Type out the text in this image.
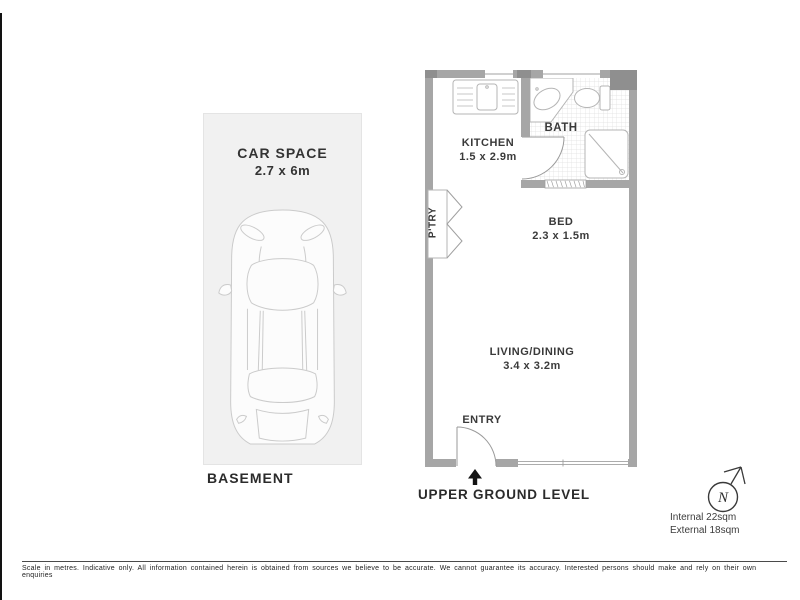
CAR SPACE
2.7 x 6m
BASEMENT
KITCHEN
1.5 x 2.9m
BATH
BED
2.3 x 1.5m
LIVING/DINING
3.4 x 3.2m
ENTRY
P'TRY
UPPER GROUND LEVEL	N
Internal 22sqm
External 18sqm
Scale in metres. Indicative only. All information contained herein is obtained from sources we believe to be accurate. We cannot guarantee its accuracy. Interested persons should make and rely on their own enquiries
